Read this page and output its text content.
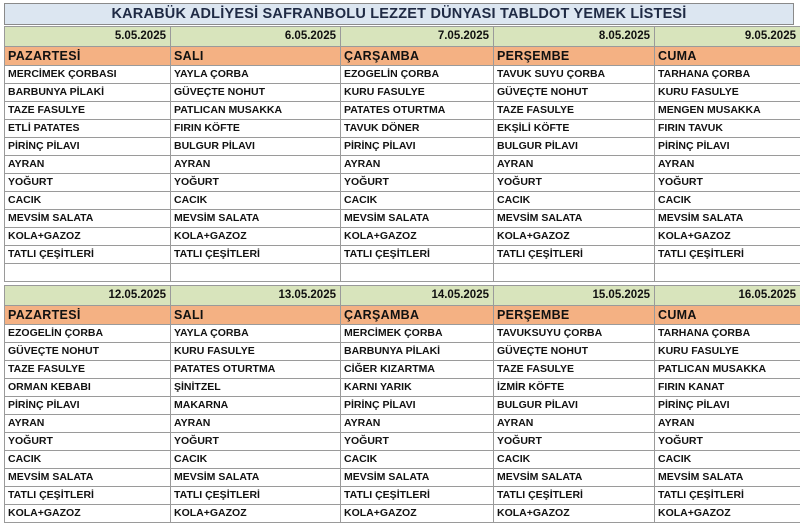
KARABÜK ADLİYESİ SAFRANBOLU LEZZET DÜNYASI TABLDOT YEMEK LİSTESİ
5.05.2025	6.05.2025	7.05.2025	8.05.2025	9.05.2025
PAZARTESİ	SALI	ÇARŞAMBA	PERŞEMBE	CUMA
MERCİMEK ÇORBASI	YAYLA ÇORBA	EZOGELİN ÇORBA	TAVUK SUYU ÇORBA	TARHANA ÇORBA
BARBUNYA PİLAKİ	GÜVEÇTE NOHUT	KURU FASULYE	GÜVEÇTE NOHUT	KURU FASULYE
TAZE FASULYE	PATLICAN MUSAKKA	PATATES OTURTMA	TAZE FASULYE	MENGEN MUSAKKA
ETLİ PATATES	FIRIN KÖFTE	TAVUK DÖNER	EKŞİLİ KÖFTE	FIRIN TAVUK
PİRİNÇ PİLAVI	BULGUR PİLAVI	PİRİNÇ PİLAVI	BULGUR PİLAVI	PİRİNÇ PİLAVI
AYRAN	AYRAN	AYRAN	AYRAN	AYRAN
YOĞURT	YOĞURT	YOĞURT	YOĞURT	YOĞURT
CACIK	CACIK	CACIK	CACIK	CACIK
MEVSİM SALATA	MEVSİM SALATA	MEVSİM SALATA	MEVSİM SALATA	MEVSİM SALATA
KOLA+GAZOZ	KOLA+GAZOZ	KOLA+GAZOZ	KOLA+GAZOZ	KOLA+GAZOZ
TATLI ÇEŞİTLERİ	TATLI ÇEŞİTLERİ	TATLI ÇEŞİTLERİ	TATLI ÇEŞİTLERİ	TATLI ÇEŞİTLERİ

12.05.2025	13.05.2025	14.05.2025	15.05.2025	16.05.2025
PAZARTESİ	SALI	ÇARŞAMBA	PERŞEMBE	CUMA
EZOGELİN ÇORBA	YAYLA ÇORBA	MERCİMEK ÇORBA	TAVUKSUYU ÇORBA	TARHANA ÇORBA
GÜVEÇTE NOHUT	KURU FASULYE	BARBUNYA PİLAKİ	GÜVEÇTE NOHUT	KURU FASULYE
TAZE FASULYE	PATATES OTURTMA	CİĞER KIZARTMA	TAZE FASULYE	PATLICAN MUSAKKA
ORMAN KEBABI	ŞİNİTZEL	KARNI YARIK	İZMİR KÖFTE	FIRIN KANAT
PİRİNÇ PİLAVI	MAKARNA	PİRİNÇ PİLAVI	BULGUR PİLAVI	PİRİNÇ PİLAVI
AYRAN	AYRAN	AYRAN	AYRAN	AYRAN
YOĞURT	YOĞURT	YOĞURT	YOĞURT	YOĞURT
CACIK	CACIK	CACIK	CACIK	CACIK
MEVSİM SALATA	MEVSİM SALATA	MEVSİM SALATA	MEVSİM SALATA	MEVSİM SALATA
TATLI ÇEŞİTLERİ	TATLI ÇEŞİTLERİ	TATLI ÇEŞİTLERİ	TATLI ÇEŞİTLERİ	TATLI ÇEŞİTLERİ
KOLA+GAZOZ	KOLA+GAZOZ	KOLA+GAZOZ	KOLA+GAZOZ	KOLA+GAZOZ
